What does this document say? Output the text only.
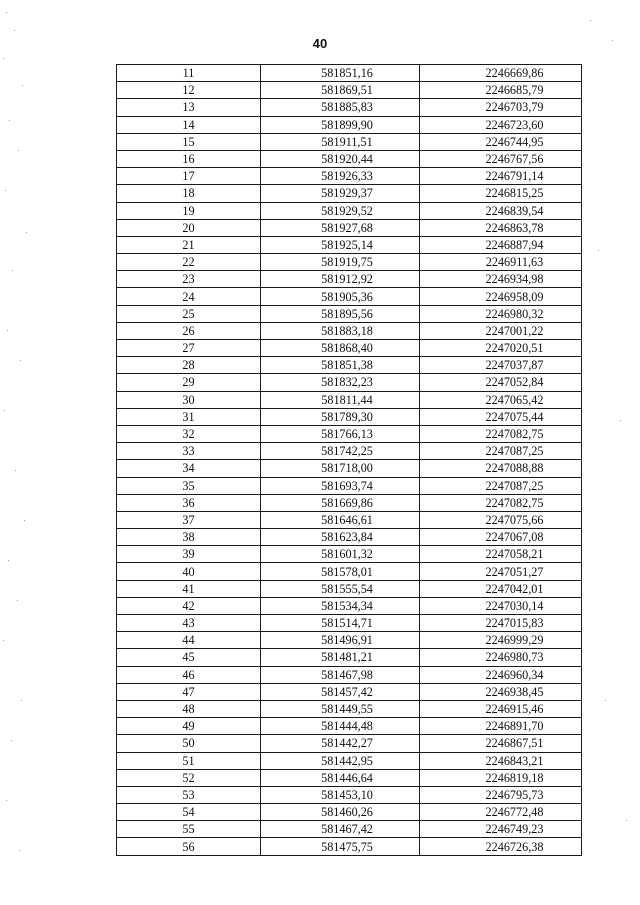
40
11	581851,16	2246669,86
12	581869,51	2246685,79
13	581885,83	2246703,79
14	581899,90	2246723,60
15	581911,51	2246744,95
16	581920,44	2246767,56
17	581926,33	2246791,14
18	581929,37	2246815,25
19	581929,52	2246839,54
20	581927,68	2246863,78
21	581925,14	2246887,94
22	581919,75	2246911,63
23	581912,92	2246934,98
24	581905,36	2246958,09
25	581895,56	2246980,32
26	581883,18	2247001,22
27	581868,40	2247020,51
28	581851,38	2247037,87
29	581832,23	2247052,84
30	581811,44	2247065,42
31	581789,30	2247075,44
32	581766,13	2247082,75
33	581742,25	2247087,25
34	581718,00	2247088,88
35	581693,74	2247087,25
36	581669,86	2247082,75
37	581646,61	2247075,66
38	581623,84	2247067,08
39	581601,32	2247058,21
40	581578,01	2247051,27
41	581555,54	2247042,01
42	581534,34	2247030,14
43	581514,71	2247015,83
44	581496,91	2246999,29
45	581481,21	2246980,73
46	581467,98	2246960,34
47	581457,42	2246938,45
48	581449,55	2246915,46
49	581444,48	2246891,70
50	581442,27	2246867,51
51	581442,95	2246843,21
52	581446,64	2246819,18
53	581453,10	2246795,73
54	581460,26	2246772,48
55	581467,42	2246749,23
56	581475,75	2246726,38
